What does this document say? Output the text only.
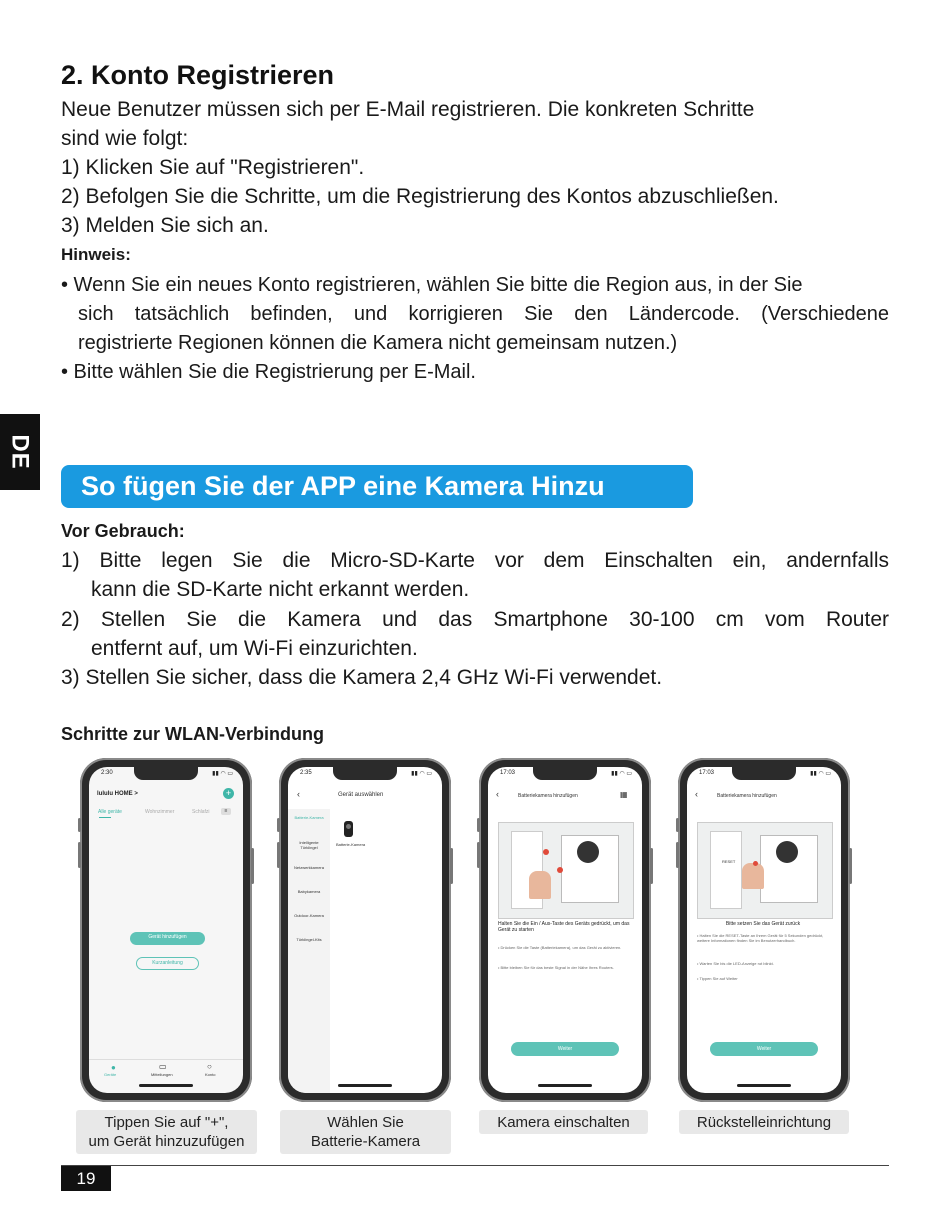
2. Konto Registrieren

Neue Benutzer müssen sich per E-Mail registrieren. Die konkreten Schritte

sind wie folgt:

1) Klicken Sie auf "Registrieren".

2) Befolgen Sie die Schritte, um die Registrierung des Kontos abzuschließen.

3) Melden Sie sich an.

Hinweis:

• Wenn Sie ein neues Konto registrieren, wählen Sie bitte die Region aus, in der Sie

sich tatsächlich befinden, und korrigieren Sie den Ländercode. (Verschiedene

registrierte Regionen können die Kamera nicht gemeinsam nutzen.)

• Bitte wählen Sie die Registrierung per E-Mail.

DE
So fügen Sie der APP eine Kamera Hinzu
Vor Gebrauch:

1) Bitte legen Sie die Micro-SD-Karte vor dem Einschalten ein, andernfalls

kann die SD-Karte nicht erkannt werden.

2) Stellen Sie die Kamera und das Smartphone 30-100 cm vom Router

entfernt auf, um Wi-Fi einzurichten.

3) Stellen Sie sicher, dass die Kamera 2,4 GHz Wi-Fi verwendet.

Schritte zur WLAN-Verbindung
2:30	▮▮ ◠ ▭
lululu HOME >	+
Alle geräte	Wohnzimmer	Schlafzi	≡
Gerät hinzufügen
Kurzanleitung
●
Geräte
▭
Mitteilungen
○
Konto
2:35	▮▮ ◠ ▭
‹	Gerät auswählen
Batterie-Kamera
Intelligente Türklingel
Netzwerkkamera
Babykamera
Outdoor-Kamera
Türklingel-Kits
Batterie-Kamera
17:03	▮▮ ◠ ▭
‹	Batteriekamera hinzufügen	▦
Halten Sie die Ein / Aus-Taste des Geräts gedrückt, um das Gerät zu starten
• Drücken Sie die Taste (Batteriekamera), um das Gerät zu aktivieren.
• Bitte bleiben Sie für das beste Signal in der Nähe Ihres Routers.
Weiter
17:03	▮▮ ◠ ▭
‹	Batteriekamera hinzufügen
RESET
Bitte setzen Sie das Gerät zurück
• Halten Sie die RESET-Taste an Ihrem Gerät für 5 Sekunden gedrückt, weitere Informationen finden Sie im Benutzerhandbuch.
• Warten Sie bis die LED-Anzeige rot blinkt.
• Tippen Sie auf Weiter
Weiter
Tippen Sie auf "+",
um Gerät hinzuzufügen
Wählen Sie
Batterie-Kamera
Kamera einschalten	Rückstelleinrichtung
19
